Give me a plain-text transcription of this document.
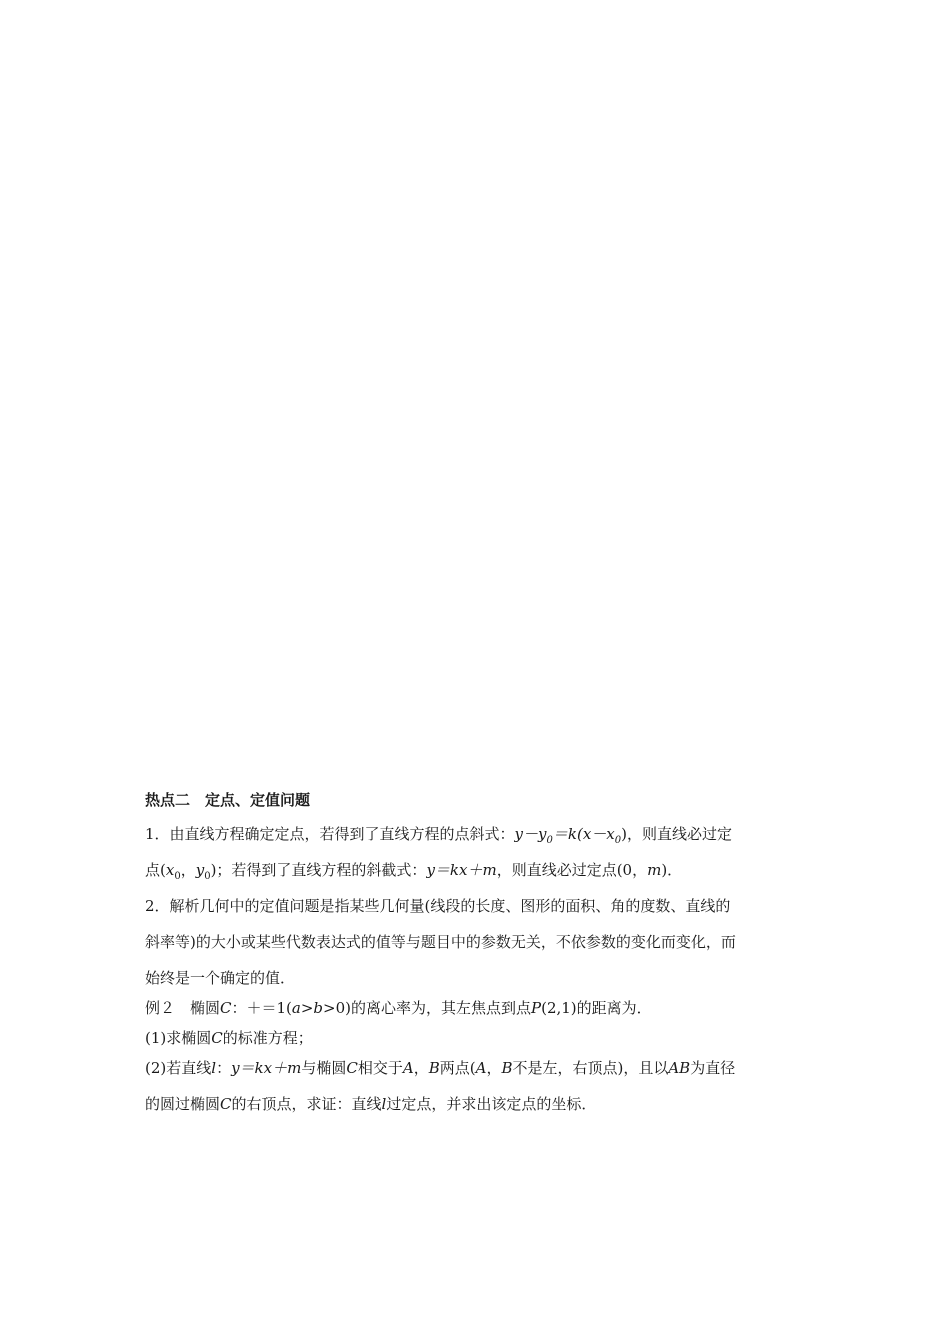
热点二　定点、定值问题

1．由直线方程确定定点，若得到了直线方程的点斜式：$y-y_0=k(x-x_0)$，则直线必过定

点($x_0$，$y_0$)；若得到了直线方程的斜截式：y＝kx＋m，则直线必过定点(0，m)．

2．解析几何中的定值问题是指某些几何量(线段的长度、图形的面积、角的度数、直线的

斜率等)的大小或某些代数表达式的值等与题目中的参数无关，不依参数的变化而变化，而

始终是一个确定的值．

例２　椭圆C：＋＝1(a>b>0)的离心率为，其左焦点到点P(2,1)的距离为．

(1)求椭圆C的标准方程；

(2)若直线l：y＝kx＋m与椭圆C相交于A，B两点(A，B不是左，右顶点)，且以AB为直径

的圆过椭圆C的右顶点，求证：直线l过定点，并求出该定点的坐标．
